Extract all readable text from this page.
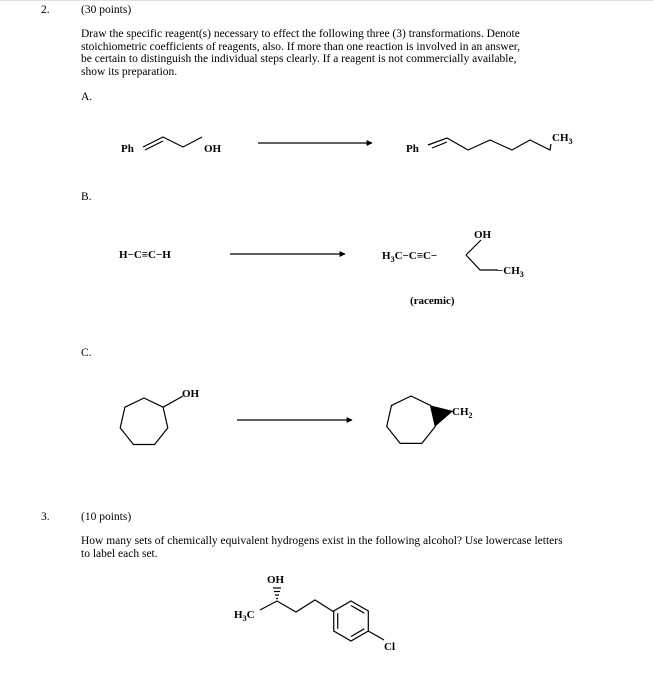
2.	(30 points)
Draw the specific reagent(s) necessary to effect the following three (3) transformations. Denote
stoichiometric coefficients of reagents, also. If more than one reaction is involved in an answer,
be certain to distinguish the individual steps clearly. If a reagent is not commercially available,
show its preparation.
A.
B.
C.
3.	(10 points)
How many sets of chemically equivalent hydrogens exist in the following alcohol? Use lowercase letters
to label each set.
Ph	OH	Ph
$CH_3$
H−C≡C−H	$H_3C-C\equiv C-$
OH
$-CH_3$
(racemic)
OH
$CH_2$
OH
$H_3C$
Cl
